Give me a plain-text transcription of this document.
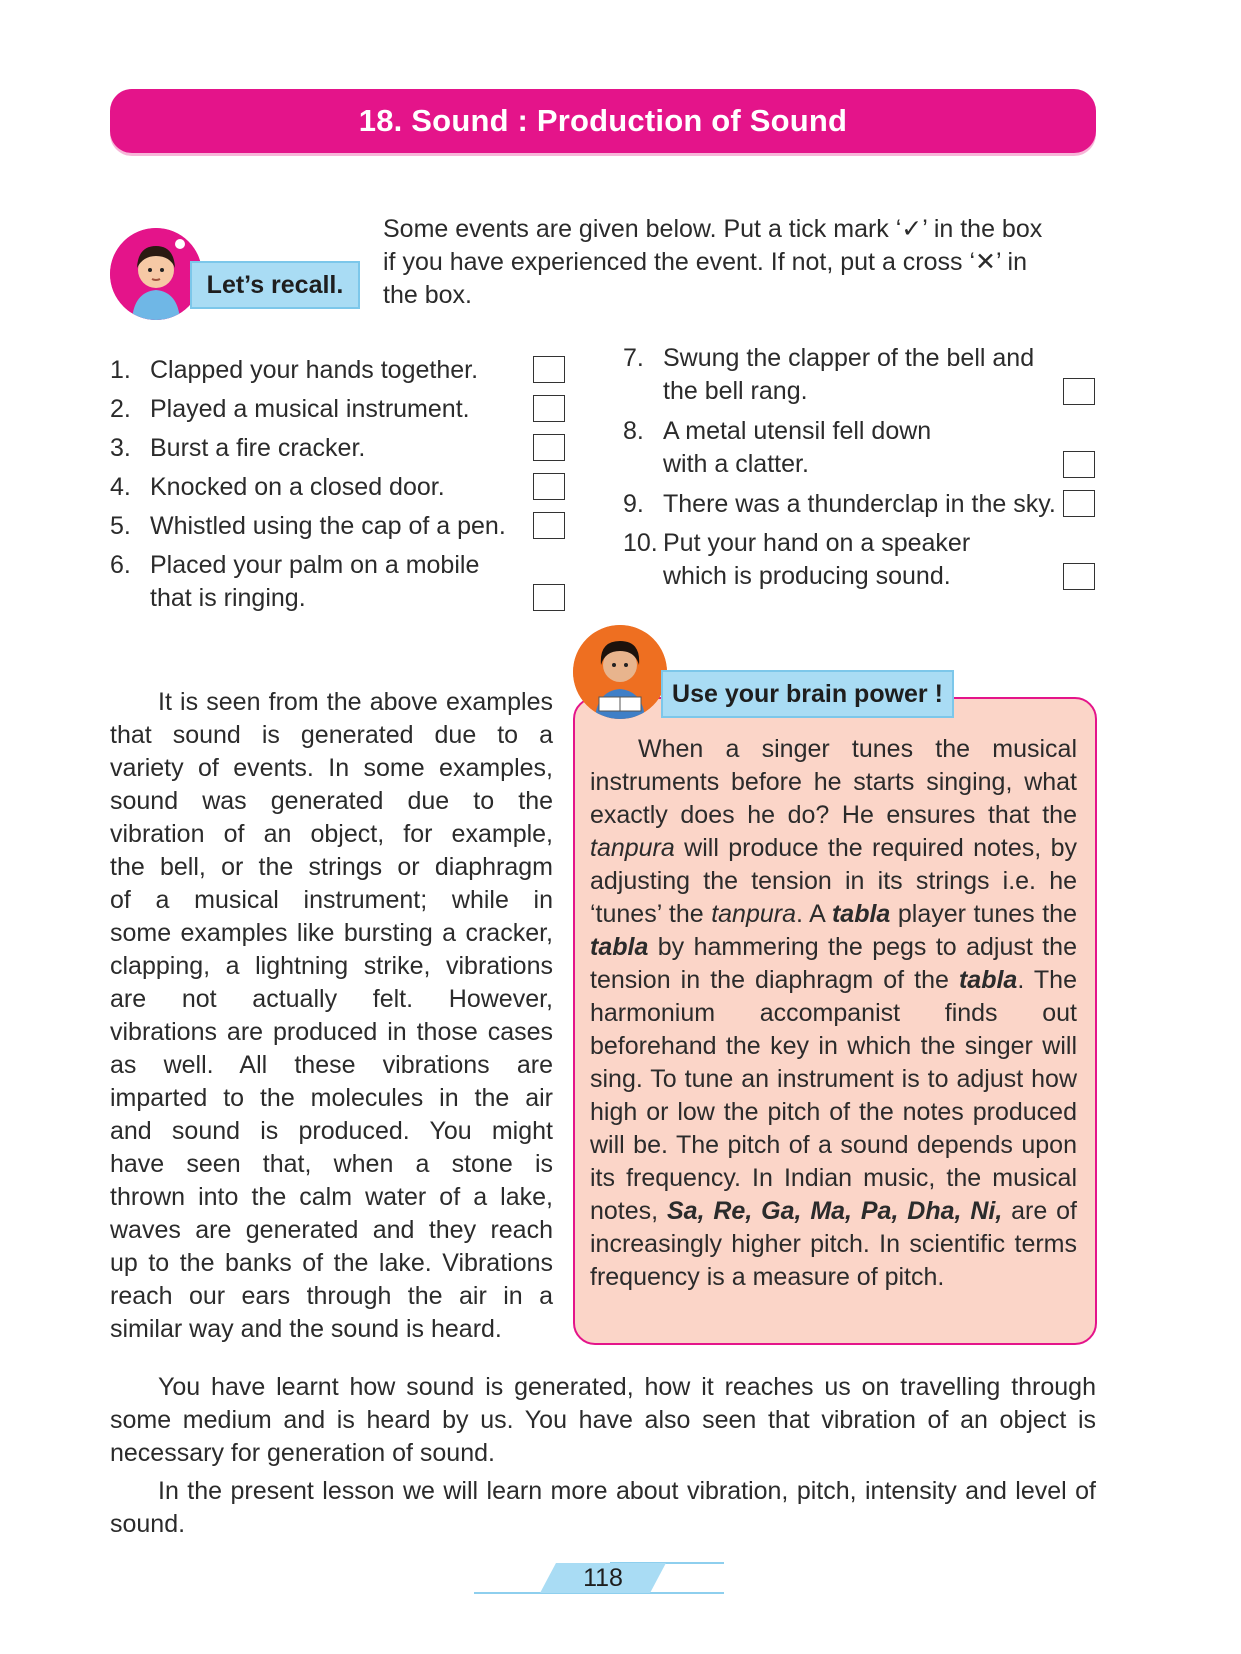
18. Sound : Production of Sound
Let’s recall.
Some events are given below. Put a tick mark ‘✓’ in the box
if you have experienced the event. If not, put a cross ‘✕’ in
the box.
1. Clapped your hands together.
2. Played a musical instrument.
3. Burst a fire cracker.
4. Knocked on a closed door.
5. Whistled using the cap of a pen.
6. Placed your palm on a mobile
that is ringing.
7. Swung the clapper of the bell and
the bell rang.
8. A metal utensil fell down
with a clatter.
9. There was a thunderclap in the sky.
10. Put your hand on a speaker
which is producing sound.
It is seen from the above examples
that sound is generated due to a
variety of events. In some examples,
sound was generated due to the
vibration of an object, for example,
the bell, or the strings or diaphragm
of a musical instrument; while in
some examples like bursting a cracker,
clapping, a lightning strike, vibrations
are not actually felt. However,
vibrations are produced in those cases
as well. All these vibrations are
imparted to the molecules in the air
and sound is produced. You might
have seen that, when a stone is
thrown into the calm water of a lake,
waves are generated and they reach
up to the banks of the lake. Vibrations
reach our ears through the air in a
similar way and the sound is heard.
Use your brain power !
When a singer tunes the musical instruments before he starts singing, what exactly does he do? He ensures that the tanpura will produce the required notes, by adjusting the tension in its strings i.e. he ‘tunes’ the tanpura. A tabla player tunes the tabla by hammering the pegs to adjust the tension in the diaphragm of the tabla. The harmonium accompanist finds out beforehand the key in which the singer will sing. To tune an instrument is to adjust how high or low the pitch of the notes produced will be. The pitch of a sound depends upon its frequency. In Indian music, the musical notes, Sa, Re, Ga, Ma, Pa, Dha, Ni, are of increasingly higher pitch. In scientific terms frequency is a measure of pitch.
You have learnt how sound is generated, how it reaches us on travelling through some medium and is heard by us. You have also seen that vibration of an object is necessary for generation of sound.
In the present lesson we will learn more about vibration, pitch, intensity and level of sound.
118
